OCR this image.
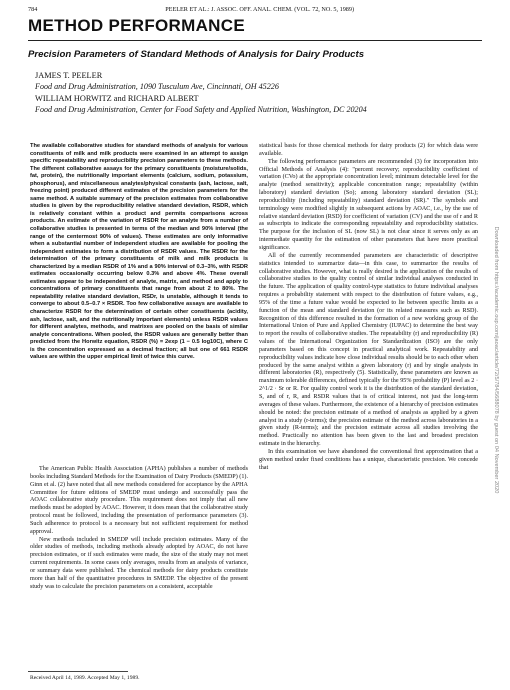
784	PEELER ET AL.: J. ASSOC. OFF. ANAL. CHEM. (VOL. 72, NO. 5, 1989)
METHOD PERFORMANCE
Precision Parameters of Standard Methods of Analysis for Dairy Products
JAMES T. PEELER
Food and Drug Administration, 1090 Tusculum Ave, Cincinnati, OH 45226
WILLIAM HORWITZ and RICHARD ALBERT
Food and Drug Administration, Center for Food Safety and Applied Nutrition, Washington, DC 20204
The available collaborative studies for standard methods of analysis for various constituents of milk and milk products were examined in an attempt to assign specific repeatability and reproducibility precision parameters to these methods. The different collaborative assays for the primary constituents (moisture/solids, fat, protein), the nutritionally important elements (calcium, sodium, potassium, phosphorus), and miscellaneous analytes/physical constants (ash, lactose, salt, freezing point) produced different estimates of the precision parameters for the same method. A suitable summary of the precision estimates from collaborative studies is given by the reproducibility relative standard deviation, RSDR, which is relatively constant within a product and permits comparisons across products. An estimate of the variation of RSDR for an analyte from a number of collaborative studies is presented in terms of the median and 90% interval (the range of the centermost 90% of values). These estimates are only informative when a substantial number of independent studies are available for pooling the independent estimates to form a distribution of RSDR values. The RSDR for the determination of the primary constituents of milk and milk products is characterized by a median RSDR of 1% and a 90% interval of 0.3–3%, with RSDR estimates occasionally occurring below 0.3% and above 4%. These overall estimates appear to be independent of analyte, matrix, and method and apply to concentrations of primary constituents that range from about 2 to 80%. The repeatability relative standard deviation, RSDr, is unstable, although it tends to converge to about 0.5–0.7 × RSDR. Too few collaborative assays are available to characterize RSDR for the determination of certain other constituents (acidity, ash, lactose, salt, and the nutritionally important elements) unless RSDR values for different analytes, methods, and matrixes are pooled on the basis of similar analyte concentrations. When pooled, the RSDR values are generally better than predicted from the Horwitz equation, RSDR (%) = 2exp (1 − 0.5 log10C), where C is the concentration expressed as a decimal fraction; all but one of 661 RSDR values are within the upper empirical limit of twice this curve.

The American Public Health Association (APHA) publishes a number of methods books including Standard Methods for the Examination of Dairy Products (SMEDP) (1). Ginn et al. (2) have noted that all new methods considered for acceptance by the APHA Committee for future editions of SMEDP must undergo and successfully pass the AOAC collaborative study procedure. This requirement does not imply that all new methods must be adopted by AOAC. However, it does mean that the collaborative study protocol must be followed, including the presentation of performance parameters (3). Such adherence to protocol is a necessary but not sufficient requirement for method approval.

New methods included in SMEDP will include precision estimates. Many of the older studies of methods, including methods already adopted by AOAC, do not have precision estimates, or if such estimates were made, the size of the study may not meet current requirements. In some cases only averages, results from an analysis of variance, or summary data were published. The chemical methods for dairy products constitute more than half of the quantitative procedures in SMEDP. The objective of the present study was to calculate the precision parameters on a consistent, acceptable

statistical basis for those chemical methods for dairy products (2) for which data were available.

The following performance parameters are recommended (3) for incorporation into Official Methods of Analysis (4): "percent recovery; reproducibility coefficient of variation (CVo) at the appropriate concentration level; minimum detectable level for the analyte (method sensitivity); applicable concentration range; repeatability (within laboratory) standard deviation (So); among laboratory standard deviation (SL); reproducibility (including repeatability) standard deviation (SR)." The symbols and terminology were modified slightly in subsequent actions by AOAC, i.e., by the use of relative standard deviation (RSD) for coefficient of variation (CV) and the use of r and R as subscripts to indicate the corresponding repeatability and reproducibility statistics. The purpose for the inclusion of SL (now SL) is not clear since it serves only as an intermediate quantity for the estimation of other parameters that have more practical significance.

All of the currently recommended parameters are characteristic of descriptive statistics intended to summarize data—in this case, to summarize the results of collaborative studies. However, what is really desired is the application of the results of collaborative studies to the quality control of similar individual analyses conducted in the future. The application of quality control-type statistics to future individual analyses requires a probability statement with respect to the distribution of future values, e.g., 95% of the time a future value would be expected to lie between specific limits as a function of the mean and standard deviation (or its related measures such as RSD). Recognition of this difference resulted in the formation of a new working group of the International Union of Pure and Applied Chemistry (IUPAC) to determine the best way to report the results of collaborative studies. The repeatability (r) and reproducibility (R) values of the International Organization for Standardization (ISO) are the only parameters based on this concept in practical analytical work. Repeatability and reproducibility values indicate how close individual results should be to each other when produced by the same analyst within a given laboratory (r) and by single analysts in different laboratories (R), respectively (5). Statistically, these parameters are known as maximum tolerable differences, defined typically for the 95% probability (P) level as 2 · 2^1/2 · Sr or R. For quality control work it is the distribution of the standard deviation, S, and of r, R, and RSDR values that is of critical interest, not just the long-term averages of these values. Furthermore, the existence of a hierarchy of precision estimates should be noted: the precision estimate of a method of analysis as applied by a given analyst in a study (r-terms); the precision estimate of the method across laboratories in a given study (R-terms); and the precision estimate across all studies involving the method. Practically no attention has been given to the last and broadest precision estimate in the hierarchy.

In this examination we have abandoned the conventional first approximation that a given method under fixed conditions has a unique, characteristic precision. We concede that

Received April 14, 1989. Accepted May 1, 1989.
Downloaded from https://academic.oup.com/jaoac/article/72/5/784/5688078 by guest on 04 November 2020
